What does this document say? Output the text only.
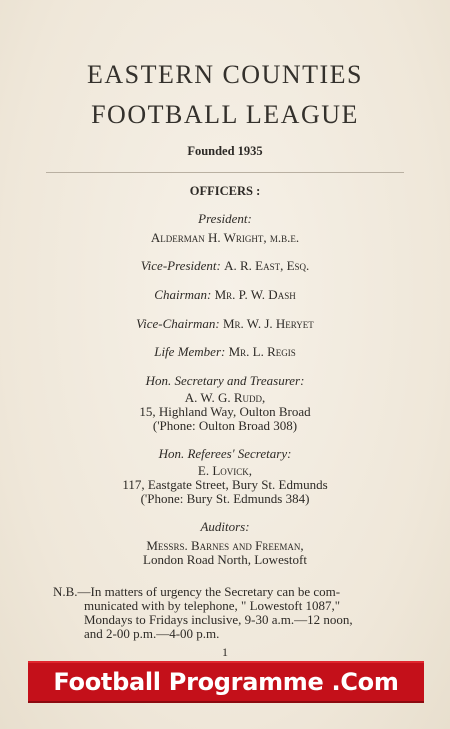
EASTERN COUNTIES
FOOTBALL LEAGUE
Founded 1935
OFFICERS :
President:
Alderman H. Wright, m.b.e.
Vice-President: A. R. East, Esq.
Chairman: Mr. P. W. Dash
Vice-Chairman: Mr. W. J. Heryet
Life Member: Mr. L. Regis
Hon. Secretary and Treasurer:
A. W. G. Rudd,
15, Highland Way, Oulton Broad
('Phone: Oulton Broad 308)
Hon. Referees' Secretary:
E. Lovick,
117, Eastgate Street, Bury St. Edmunds
('Phone: Bury St. Edmunds 384)
Auditors:
Messrs. Barnes and Freeman,
London Road North, Lowestoft
N.B.—In matters of urgency the Secretary can be com-
municated with by telephone, " Lowestoft 1087,"
Mondays to Fridays inclusive, 9-30 a.m.—12 noon,
and 2-00 p.m.—4-00 p.m.
1
Football Programme .Com
